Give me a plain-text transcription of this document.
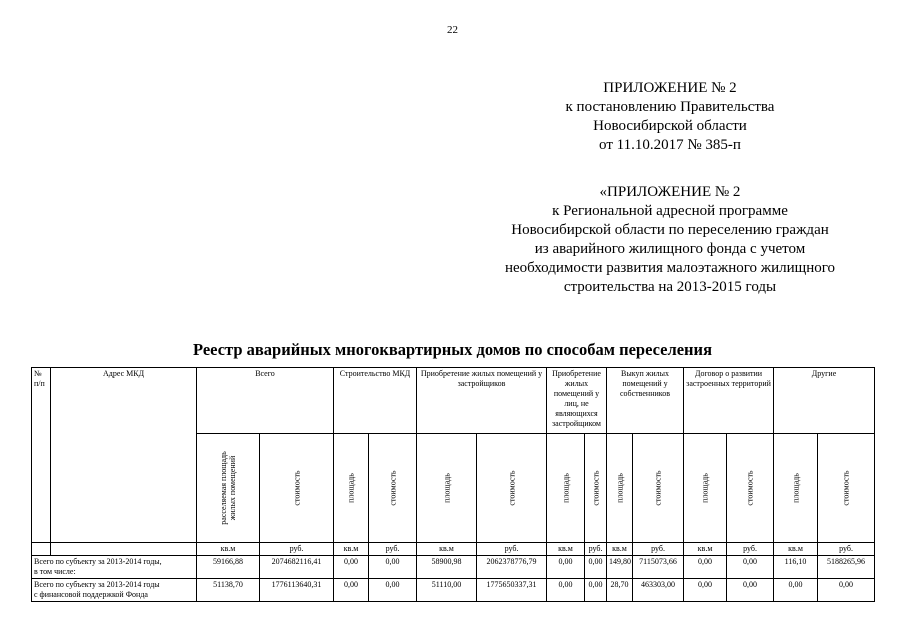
22
ПРИЛОЖЕНИЕ № 2
к постановлению Правительства
Новосибирской области
от 11.10.2017 № 385-п
«ПРИЛОЖЕНИЕ № 2
к Региональной адресной программе
Новосибирской области по переселению граждан
из аварийного жилищного фонда с учетом
необходимости развития малоэтажного жилищного
строительства на 2013-2015 годы
Реестр аварийных многоквартирных домов по способам переселения
№ п/п	Адрес МКД	Всего		Строительство МКД		Приобретение жилых помещений у застройщиков		Приобретение жилых помещений у лиц, не являющихся застройщиком		Выкуп жилых помещений у собственников		Договор о развитии застроенных территорий		Другие	

		расселяемая площадь жилых помещений	стоимость	площадь	стоимость	площадь	стоимость	площадь	стоимость	площадь	стоимость	площадь	стоимость	площадь	стоимость

		кв.м	руб.	кв.м	руб.	кв.м	руб.	кв.м	руб.	кв.м	руб.	кв.м	руб.	кв.м	руб.
Всего по субъекту за 2013-2014 годы,
в том числе:		59166,88	2074682116,41	0,00	0,00	58900,98	2062378776,79	0,00	0,00	149,80	7115073,66	0,00	0,00	116,10	5188265,96
Всего по субъекту за 2013-2014 годы
с финансовой поддержкой Фонда		51138,70	1776113640,31	0,00	0,00	51110,00	1775650337,31	0,00	0,00	28,70	463303,00	0,00	0,00	0,00	0,00
